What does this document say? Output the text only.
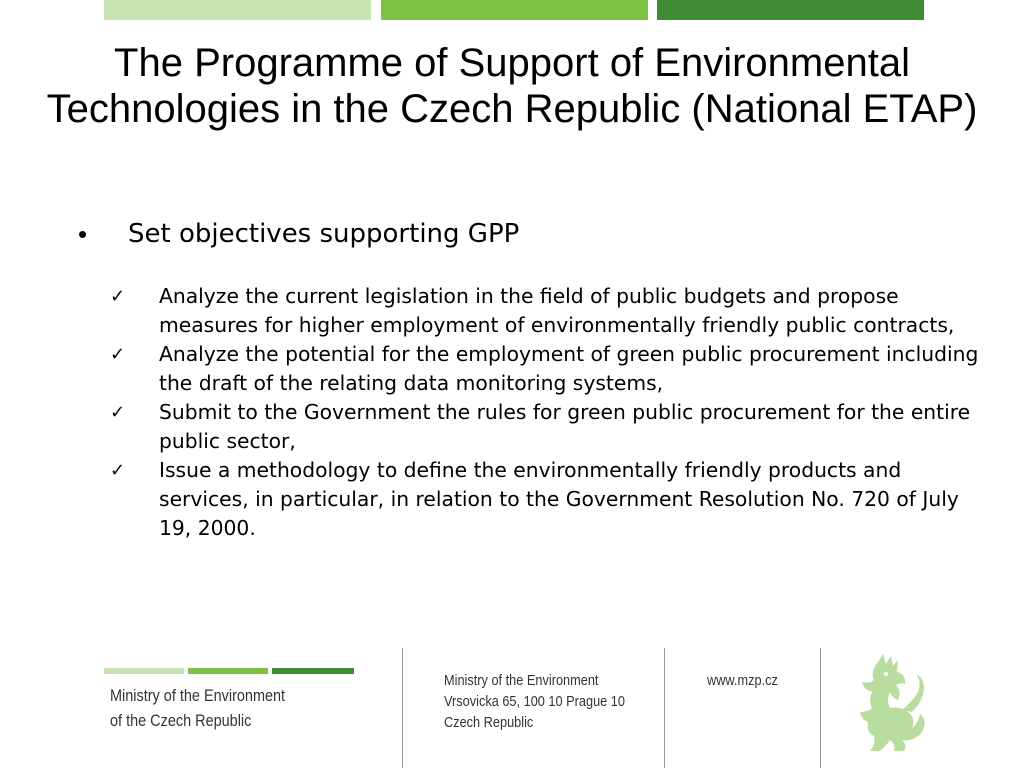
The Programme of Support of Environmental Technologies in the Czech Republic (National ETAP)
• Set objectives supporting GPP
✓ Analyze the current legislation in the field of public budgets and propose measures for higher employment of environmentally friendly public contracts,
✓ Analyze the potential for the employment of green public procurement including the draft of the relating data monitoring systems,
✓ Submit to the Government the rules for green public procurement for the entire public sector,
✓ Issue a methodology to define the environmentally friendly products and services, in particular, in relation to the Government Resolution No. 720 of July 19, 2000.
Ministry of the Environment
of the Czech Republic
Ministry of the Environment
Vrsovicka 65, 100 10 Prague 10
Czech Republic
www.mzp.cz
